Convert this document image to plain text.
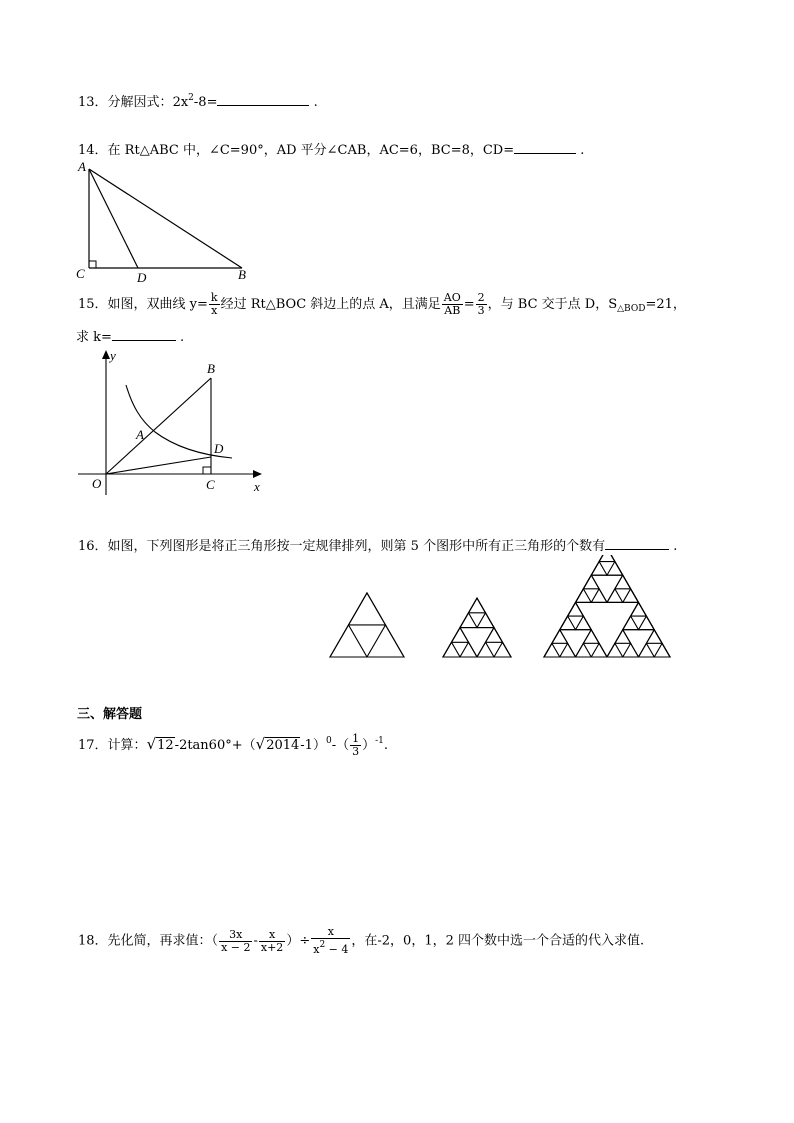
13．分解因式：$2x^2-8=$	.
14．在 Rt△ABC 中，∠C=90°，AD 平分∠CAB，AC=6，BC=8，CD=	.
A
C	D	B
15．如图，双曲线 $y= \frac{k}{x}$ 经过 Rt△BOC 斜边上的点 A，且满足 $\frac{AO}{AB} = \frac{2}{3}$ ，与 BC 交于点 D，$S_{\triangle BOD}=21$，
求 k=	.
y
x
O
A
B
C
D
16．如图，下列图形是将正三角形按一定规律排列，则第 5 个图形中所有正三角形的个数有	.
三、解答题
17．计算：$√12-2\tan 60^\circ+(√2014-1)^0-( \frac{1}{3} )^{-1}$.
18．先化简，再求值：（ $\frac{3x}{x - 2} - \frac{x}{x+2}$ ）÷ $\frac{x}{x^2 - 4}$ ，在-2，0，1，2 四个数中选一个合适的代入求值.
